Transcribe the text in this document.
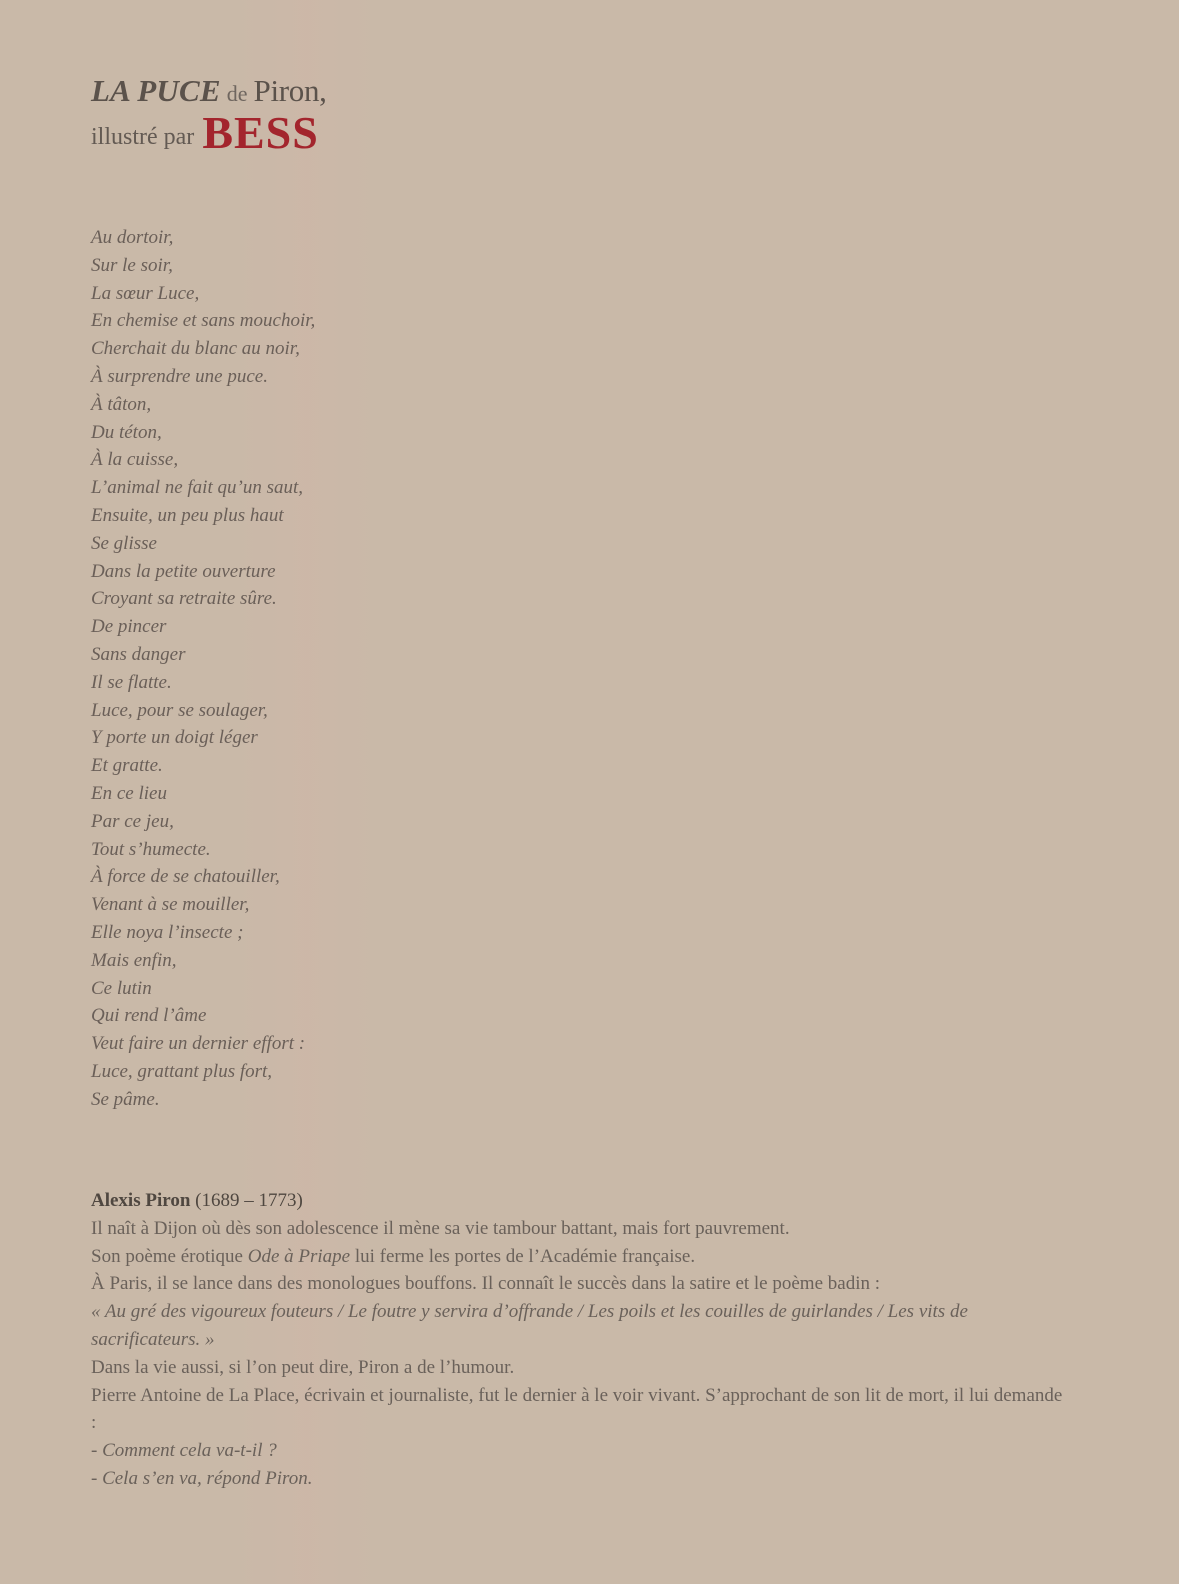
LA PUCE de Piron,
illustré par BESS
Au dortoir,
Sur le soir,
La sœur Luce,
En chemise et sans mouchoir,
Cherchait du blanc au noir,
À surprendre une puce.
À tâton,
Du téton,
À la cuisse,
L’animal ne fait qu’un saut,
Ensuite, un peu plus haut
Se glisse
Dans la petite ouverture
Croyant sa retraite sûre.
De pincer
Sans danger
Il se flatte.
Luce, pour se soulager,
Y porte un doigt léger
Et gratte.
En ce lieu
Par ce jeu,
Tout s’humecte.
À force de se chatouiller,
Venant à se mouiller,
Elle noya l’insecte ;
Mais enfin,
Ce lutin
Qui rend l’âme
Veut faire un dernier effort :
Luce, grattant plus fort,
Se pâme.
Alexis Piron (1689 – 1773)
Il naît à Dijon où dès son adolescence il mène sa vie tambour battant, mais fort pauvrement.
Son poème érotique Ode à Priape lui ferme les portes de l’Académie française.
À Paris, il se lance dans des monologues bouffons. Il connaît le succès dans la satire et le poème badin :
« Au gré des vigoureux fouteurs / Le foutre y servira d’offrande / Les poils et les couilles de guirlandes / Les vits de sacrificateurs. »
Dans la vie aussi, si l’on peut dire, Piron a de l’humour.
Pierre Antoine de La Place, écrivain et journaliste, fut le dernier à le voir vivant. S’approchant de son lit de mort, il lui demande :
- Comment cela va-t-il ?
- Cela s’en va, répond Piron.
